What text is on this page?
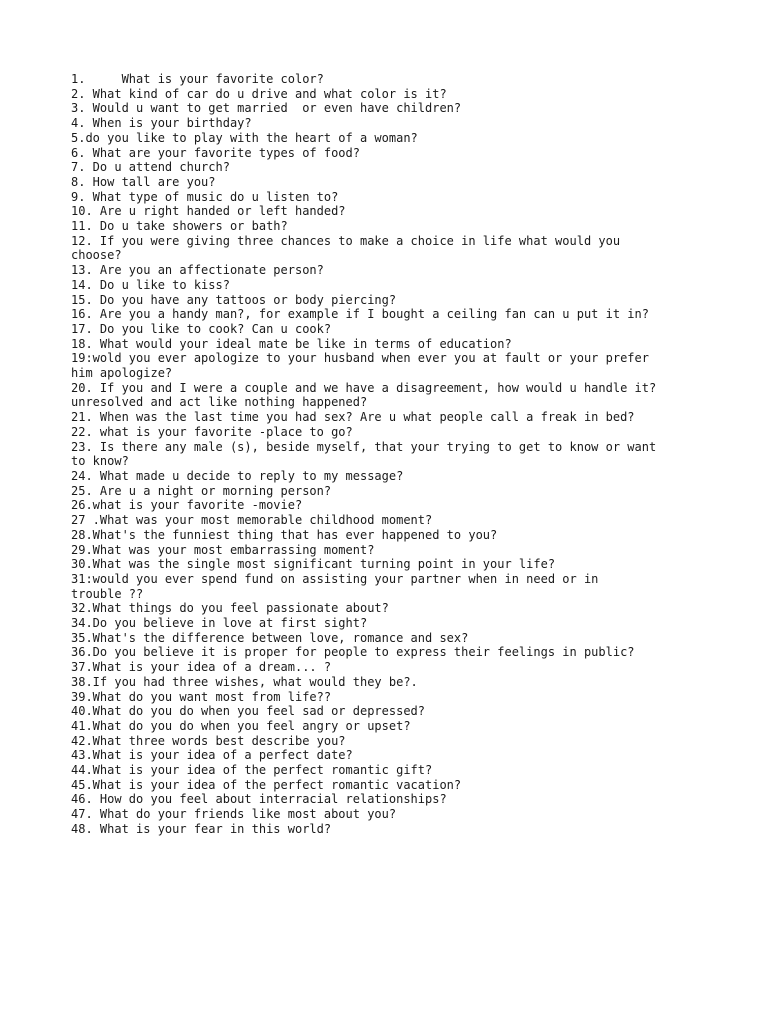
1.     What is your favorite color?
2. What kind of car do u drive and what color is it?
3. Would u want to get married  or even have children?
4. When is your birthday?
5.do you like to play with the heart of a woman?
6. What are your favorite types of food?
7. Do u attend church?
8. How tall are you?
9. What type of music do u listen to?
10. Are u right handed or left handed?
11. Do u take showers or bath?
12. If you were giving three chances to make a choice in life what would you
choose?
13. Are you an affectionate person?
14. Do u like to kiss?
15. Do you have any tattoos or body piercing?
16. Are you a handy man?, for example if I bought a ceiling fan can u put it in?
17. Do you like to cook? Can u cook?
18. What would your ideal mate be like in terms of education?
19:wold you ever apologize to your husband when ever you at fault or your prefer
him apologize?
20. If you and I were a couple and we have a disagreement, how would u handle it?
unresolved and act like nothing happened?
21. When was the last time you had sex? Are u what people call a freak in bed?
22. what is your favorite -place to go?
23. Is there any male (s), beside myself, that your trying to get to know or want
to know?
24. What made u decide to reply to my message?
25. Are u a night or morning person?
26.what is your favorite -movie?
27 .What was your most memorable childhood moment?
28.What's the funniest thing that has ever happened to you?
29.What was your most embarrassing moment?
30.What was the single most significant turning point in your life?
31:would you ever spend fund on assisting your partner when in need or in
trouble ??
32.What things do you feel passionate about?
34.Do you believe in love at first sight?
35.What's the difference between love, romance and sex?
36.Do you believe it is proper for people to express their feelings in public?
37.What is your idea of a dream... ?
38.If you had three wishes, what would they be?.
39.What do you want most from life??
40.What do you do when you feel sad or depressed?
41.What do you do when you feel angry or upset?
42.What three words best describe you?
43.What is your idea of a perfect date?
44.What is your idea of the perfect romantic gift?
45.What is your idea of the perfect romantic vacation?
46. How do you feel about interracial relationships?
47. What do your friends like most about you?
48. What is your fear in this world?
